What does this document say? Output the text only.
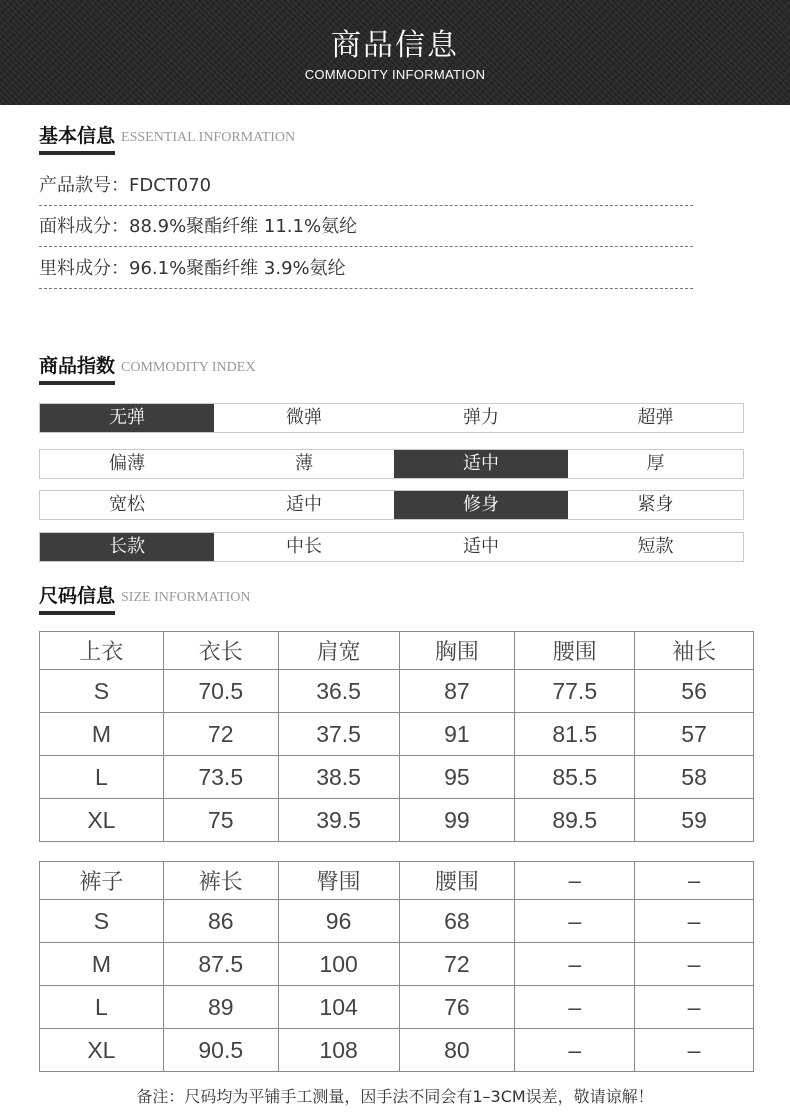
商品信息
COMMODITY INFORMATION
基本信息 ESSENTIAL INFORMATION
产品款号：FDCT070
面料成分：88.9%聚酯纤维 11.1%氨纶
里料成分：96.1%聚酯纤维 3.9%氨纶
商品指数 COMMODITY INDEX
无弹	微弹	弹力	超弹
偏薄	薄	适中	厚
宽松	适中	修身	紧身
长款	中长	适中	短款
尺码信息 SIZE INFORMATION
上衣	衣长	肩宽	胸围	腰围	袖长
S	70.5	36.5	87	77.5	56
M	72	37.5	91	81.5	57
L	73.5	38.5	95	85.5	58
XL	75	39.5	99	89.5	59
裤子	裤长	臀围	腰围	–	–
S	86	96	68	–	–
M	87.5	100	72	–	–
L	89	104	76	–	–
XL	90.5	108	80	–	–
备注：尺码均为平铺手工测量，因手法不同会有1–3CM误差，敬请谅解！
